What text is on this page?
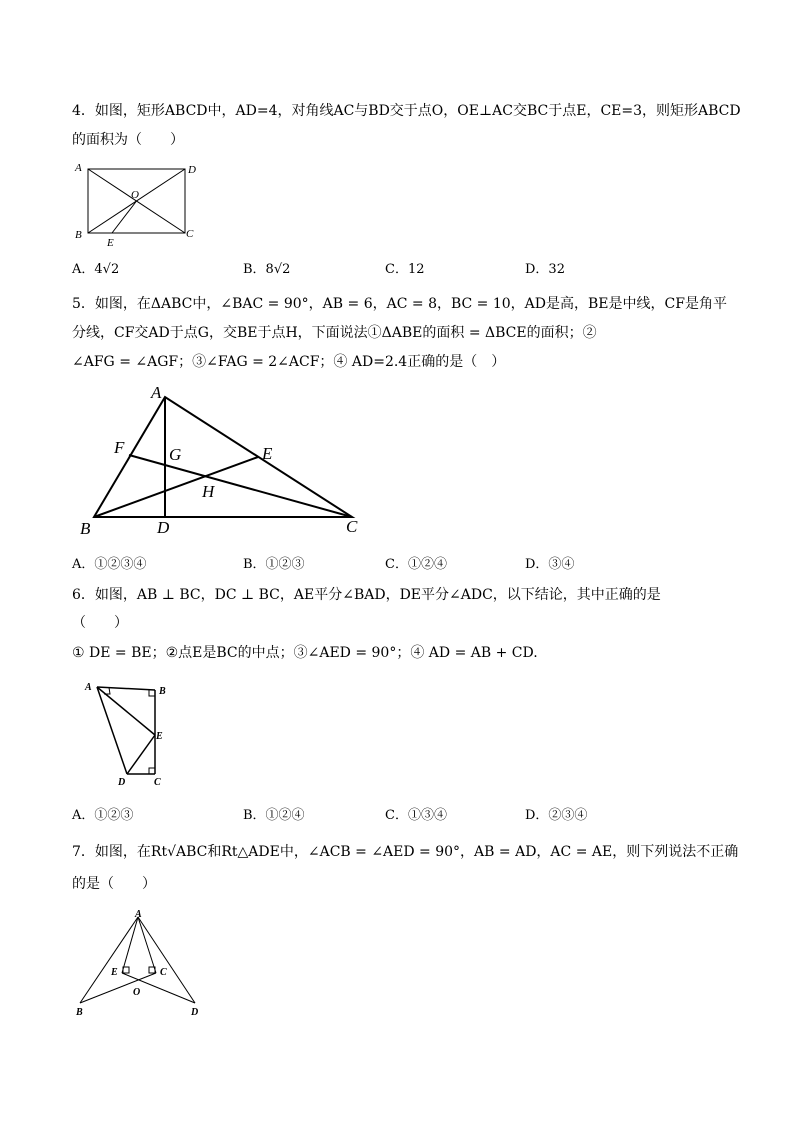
4．如图，矩形ABCD中，AD=4，对角线AC与BD交于点O，OE⊥AC交BC于点E，CE=3，则矩形ABCD
的面积为（　　）
A	D
B	C
O
E
A．4√2	B．8√2	C．12	D．32
5．如图，在ΔABC中，∠BAC = 90°，AB = 6，AC = 8，BC = 10，AD是高，BE是中线，CF是角平
分线，CF交AD于点G，交BE于点H，下面说法①ΔABE的面积 = ΔBCE的面积；②
∠AFG = ∠AGF；③∠FAG = 2∠ACF；④ AD=2.4正确的是（　）
A
B	C
D
E
F	G
H
A．①②③④	B．①②③	C．①②④	D．③④
6．如图，AB ⊥ BC，DC ⊥ BC，AE平分∠BAD，DE平分∠ADC，以下结论，其中正确的是
（　　）
① DE = BE；②点E是BC的中点；③∠AED = 90°；④ AD = AB + CD.
A	B
E
D	C
A．①②③	B．①②④	C．①③④	D．②③④
7．如图，在Rt√ABC和Rt△ADE中，∠ACB = ∠AED = 90°，AB = AD，AC = AE，则下列说法不正确
的是（　　）
A
E	C
O
B	D
